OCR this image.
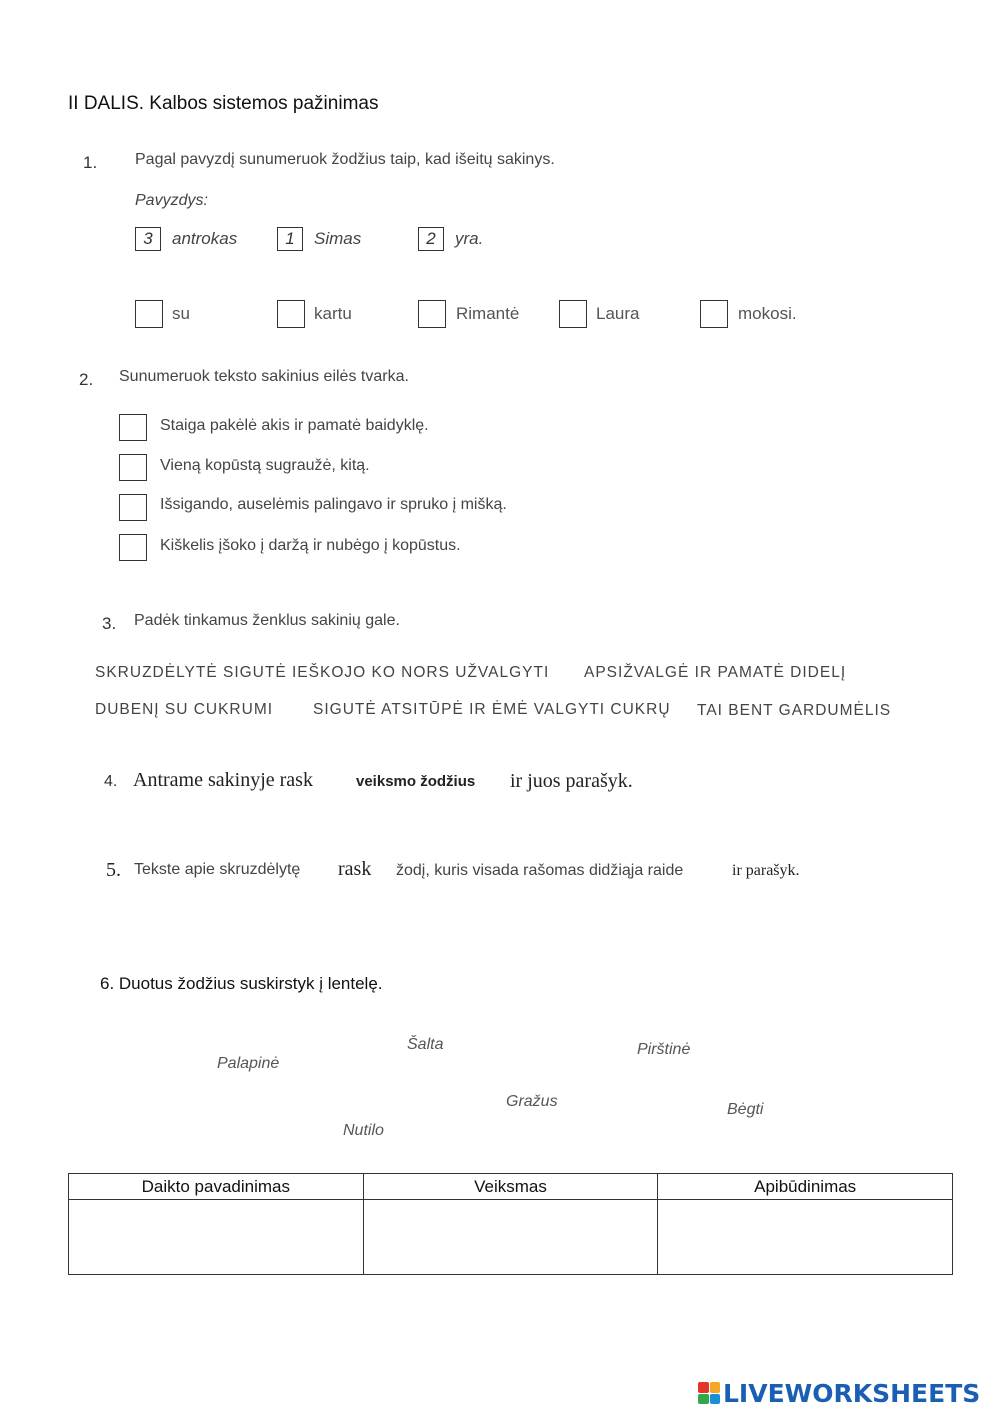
II DALIS. Kalbos sistemos pažinimas
1. Pagal pavyzdį sunumeruok žodžius taip, kad išeitų sakinys.
Pavyzdys:
3	antrokas	1	Simas	2	yra.
su	kartu	Rimantė	Laura	mokosi.
2. Sunumeruok teksto sakinius eilės tvarka.
Staiga pakėlė akis ir pamatė baidyklę.
Vieną kopūstą sugraužė, kitą.
Išsigando, auselėmis palingavo ir spruko į mišką.
Kiškelis įšoko į daržą ir nubėgo į kopūstus.
3. Padėk tinkamus ženklus sakinių gale.
SKRUZDĖLYTĖ SIGUTĖ IEŠKOJO KO NORS UŽVALGYTI APSIŽVALGĖ IR PAMATĖ DIDELĮ
DUBENĮ SU CUKRUMI	SIGUTĖ ATSITŪPĖ IR ĖMĖ VALGYTI CUKRŲ TAI BENT GARDUMĖLIS
4. Antrame sakinyje rask	veiksmo žodžius ir juos parašyk.
5. Tekste apie skruzdėlytę rask žodį, kuris visada rašomas didžiąja raide	ir parašyk.
6. Duotus žodžius suskirstyk į lentelę.
Šalta	Pirštinė
Palapinė
Gražus	Bėgti
Nutilo
Daikto pavadinimas	Veiksmas	Apibūdinimas

LIVEWORKSHEETS
